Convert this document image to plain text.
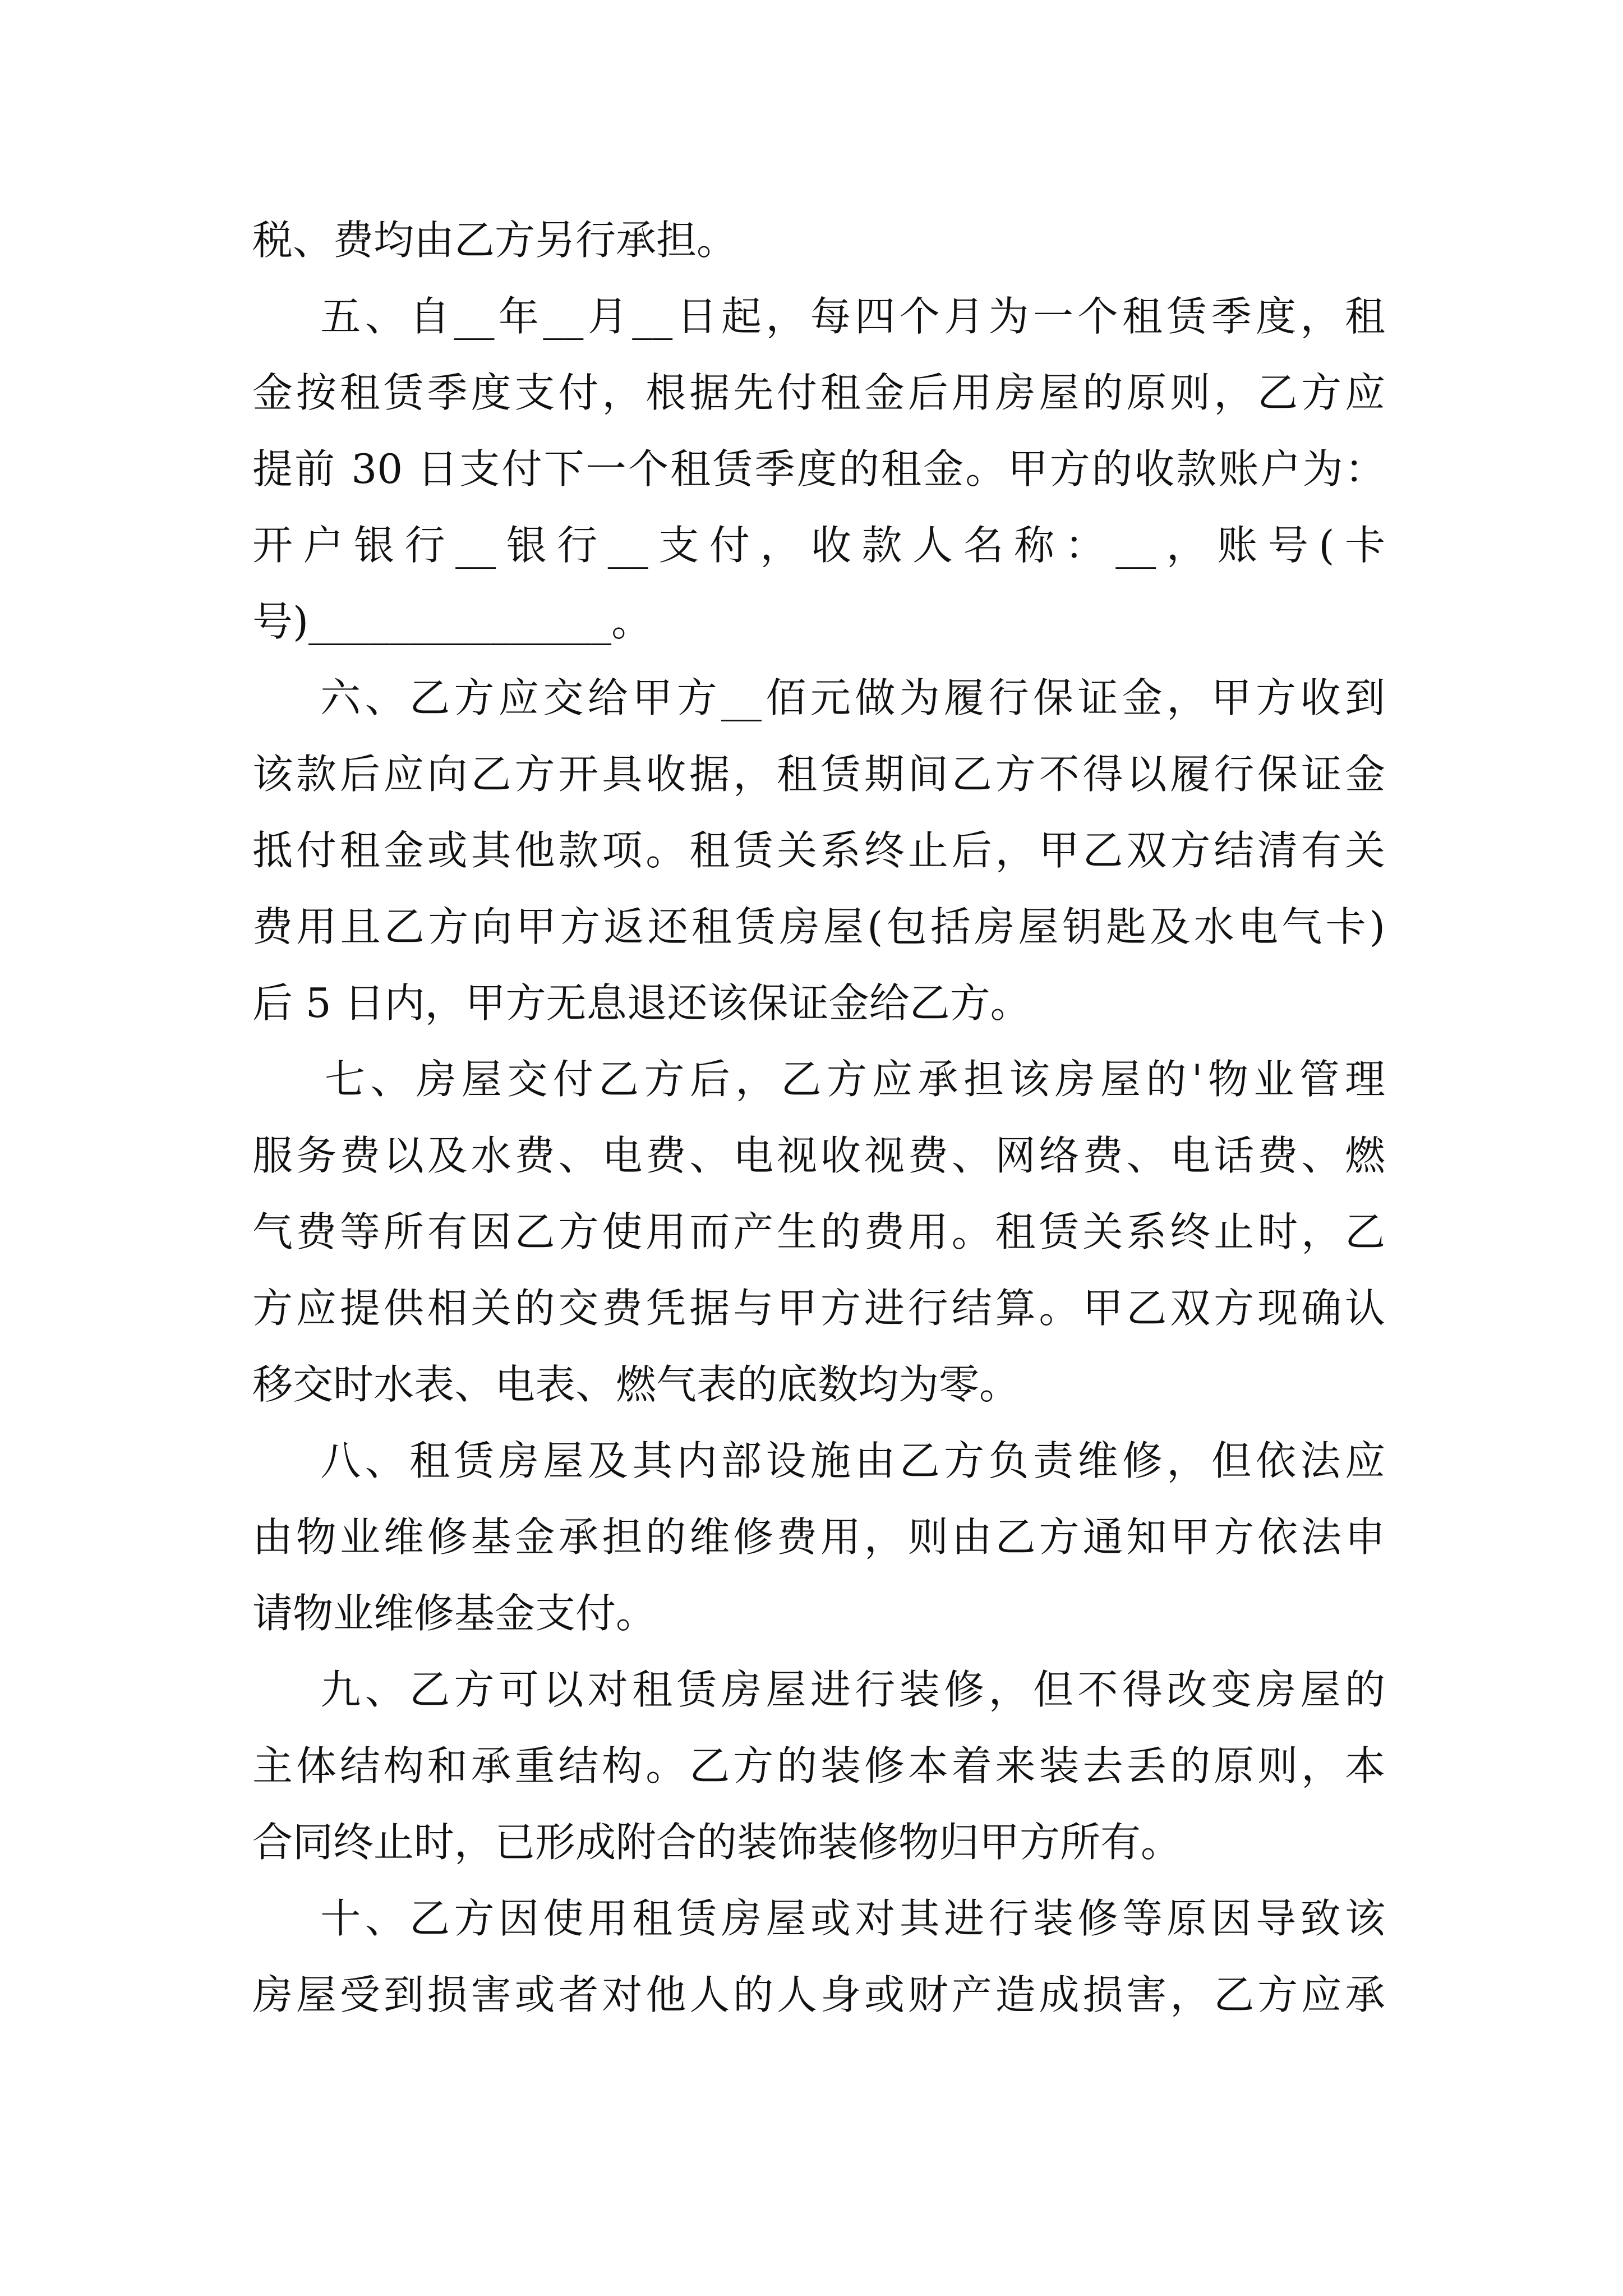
税、费均由乙方另行承担。
五、自__年__月__日起，每四个月为一个租赁季度，租
金按租赁季度支付，根据先付租金后用房屋的原则，乙方应
提前 30 日支付下一个租赁季度的租金。甲方的收款账户为：
开户银行__银行__支付，收款人名称：__，账号(卡
号)_______________。
六、乙方应交给甲方__佰元做为履行保证金，甲方收到
该款后应向乙方开具收据，租赁期间乙方不得以履行保证金
抵付租金或其他款项。租赁关系终止后，甲乙双方结清有关
费用且乙方向甲方返还租赁房屋(包括房屋钥匙及水电气卡)
后 5 日内，甲方无息退还该保证金给乙方。
七、房屋交付乙方后，乙方应承担该房屋的'物业管理
服务费以及水费、电费、电视收视费、网络费、电话费、燃
气费等所有因乙方使用而产生的费用。租赁关系终止时，乙
方应提供相关的交费凭据与甲方进行结算。甲乙双方现确认
移交时水表、电表、燃气表的底数均为零。
八、租赁房屋及其内部设施由乙方负责维修，但依法应
由物业维修基金承担的维修费用，则由乙方通知甲方依法申
请物业维修基金支付。
九、乙方可以对租赁房屋进行装修，但不得改变房屋的
主体结构和承重结构。乙方的装修本着来装去丢的原则，本
合同终止时，已形成附合的装饰装修物归甲方所有。
十、乙方因使用租赁房屋或对其进行装修等原因导致该
房屋受到损害或者对他人的人身或财产造成损害，乙方应承
